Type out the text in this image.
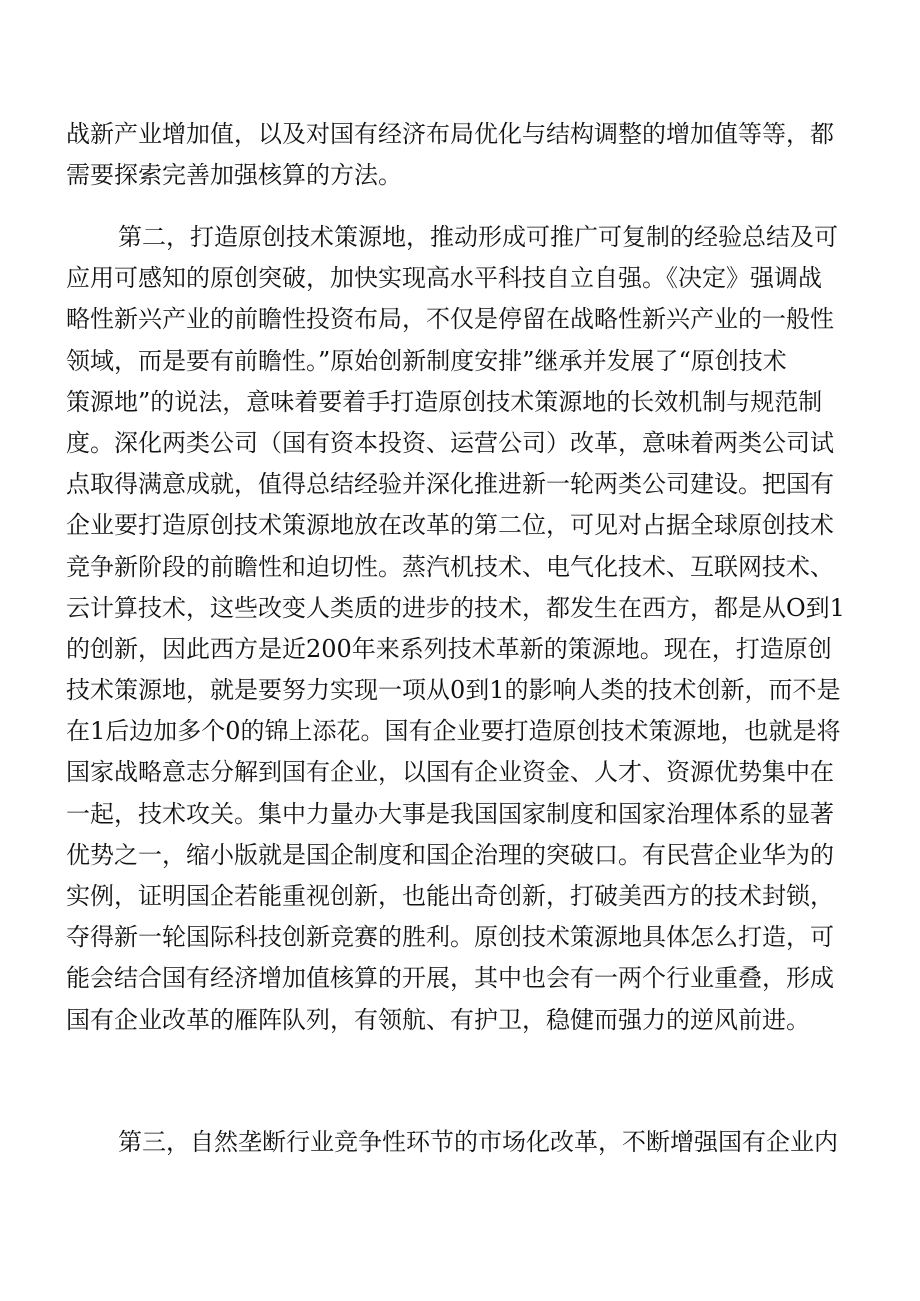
战新产业增加值，以及对国有经济布局优化与结构调整的增加值等等，都
需要探索完善加强核算的方法。
第二，打造原创技术策源地，推动形成可推广可复制的经验总结及可
应用可感知的原创突破，加快实现高水平科技自立自强。《决定》强调战
略性新兴产业的前瞻性投资布局，不仅是停留在战略性新兴产业的一般性
领域，而是要有前瞻性。”原始创新制度安排”继承并发展了“原创技术
策源地”的说法，意味着要着手打造原创技术策源地的长效机制与规范制
度。深化两类公司（国有资本投资、运营公司）改革，意味着两类公司试
点取得满意成就，值得总结经验并深化推进新一轮两类公司建设。把国有
企业要打造原创技术策源地放在改革的第二位，可见对占据全球原创技术
竞争新阶段的前瞻性和迫切性。蒸汽机技术、电气化技术、互联网技术、
云计算技术，这些改变人类质的进步的技术，都发生在西方，都是从O到1
的创新，因此西方是近200年来系列技术革新的策源地。现在，打造原创
技术策源地，就是要努力实现一项从0到1的影响人类的技术创新，而不是
在1后边加多个0的锦上添花。国有企业要打造原创技术策源地，也就是将
国家战略意志分解到国有企业，以国有企业资金、人才、资源优势集中在
一起，技术攻关。集中力量办大事是我国国家制度和国家治理体系的显著
优势之一，缩小版就是国企制度和国企治理的突破口。有民营企业华为的
实例，证明国企若能重视创新，也能出奇创新，打破美西方的技术封锁，
夺得新一轮国际科技创新竞赛的胜利。原创技术策源地具体怎么打造，可
能会结合国有经济增加值核算的开展，其中也会有一两个行业重叠，形成
国有企业改革的雁阵队列，有领航、有护卫，稳健而强力的逆风前进。
第三，自然垄断行业竞争性环节的市场化改革，不断增强国有企业内
